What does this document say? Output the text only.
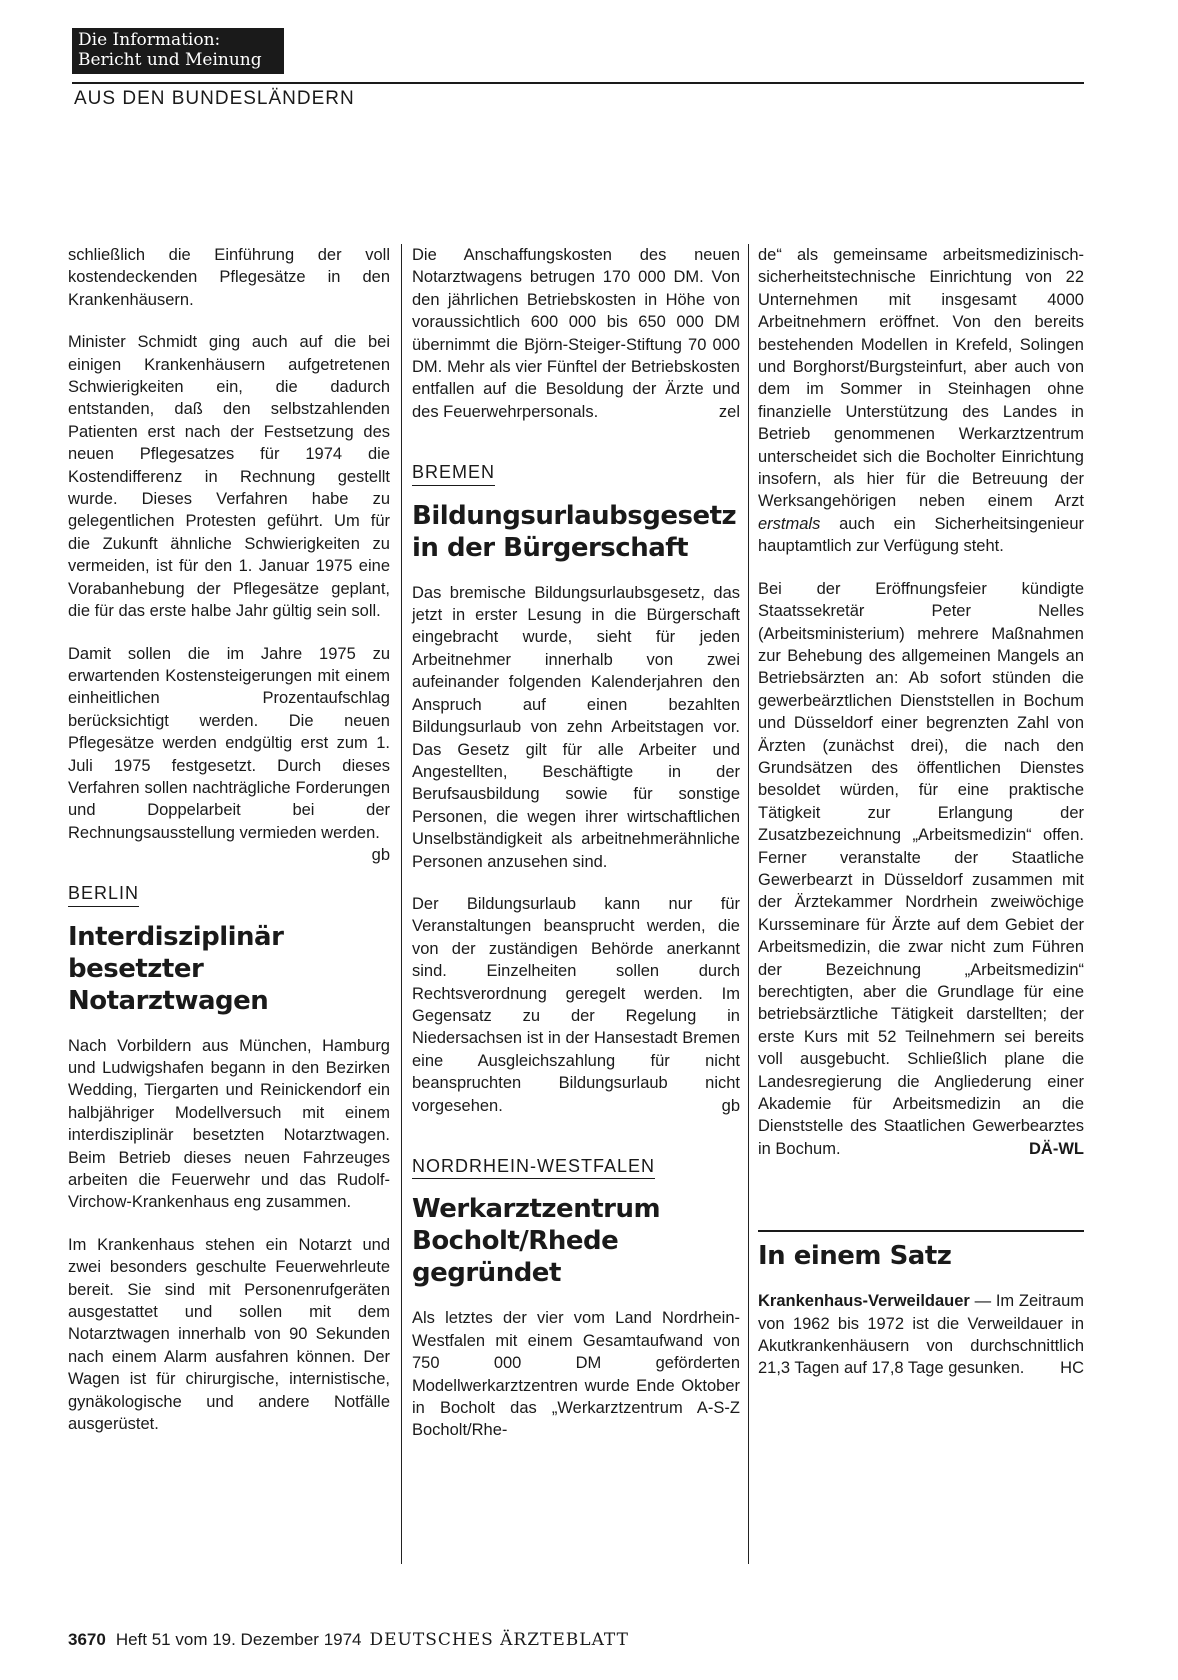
Die Information:
Bericht und Meinung
AUS DEN BUNDESLÄNDERN

schließlich die Einführung der voll kostendeckenden Pflegesätze in den Krankenhäusern.

Minister Schmidt ging auch auf die bei einigen Krankenhäusern aufgetretenen Schwierigkeiten ein, die dadurch entstanden, daß den selbstzahlenden Patienten erst nach der Festsetzung des neuen Pflegesatzes für 1974 die Kostendifferenz in Rechnung gestellt wurde. Dieses Verfahren habe zu gelegentlichen Protesten geführt. Um für die Zukunft ähnliche Schwierigkeiten zu vermeiden, ist für den 1. Januar 1975 eine Vorabanhebung der Pflegesätze geplant, die für das erste halbe Jahr gültig sein soll.

Damit sollen die im Jahre 1975 zu erwartenden Kostensteigerungen mit einem einheitlichen Prozentaufschlag berücksichtigt werden. Die neuen Pflegesätze werden endgültig erst zum 1. Juli 1975 festgesetzt. Durch dieses Verfahren sollen nachträgliche Forderungen und Doppelarbeit bei der Rechnungsausstellung vermieden werden.
gb

BERLIN
Interdisziplinär besetzter Notarztwagen

Nach Vorbildern aus München, Hamburg und Ludwigshafen begann in den Bezirken Wedding, Tiergarten und Reinickendorf ein halbjähriger Modellversuch mit einem interdisziplinär besetzten Notarztwagen. Beim Betrieb dieses neuen Fahrzeuges arbeiten die Feuerwehr und das Rudolf-Virchow-Krankenhaus eng zusammen.

Im Krankenhaus stehen ein Notarzt und zwei besonders geschulte Feuerwehrleute bereit. Sie sind mit Personenrufgeräten ausgestattet und sollen mit dem Notarztwagen innerhalb von 90 Sekunden nach einem Alarm ausfahren können. Der Wagen ist für chirurgische, internistische, gynäkologische und andere Notfälle ausgerüstet.

Die Anschaffungskosten des neuen Notarztwagens betrugen 170 000 DM. Von den jährlichen Betriebskosten in Höhe von voraussichtlich 600 000 bis 650 000 DM übernimmt die Björn-Steiger-Stiftung 70 000 DM. Mehr als vier Fünftel der Betriebskosten entfallen auf die Besoldung der Ärzte und des Feuerwehrpersonals.	zel

BREMEN
Bildungsurlaubsgesetz in der Bürgerschaft

Das bremische Bildungsurlaubsgesetz, das jetzt in erster Lesung in die Bürgerschaft eingebracht wurde, sieht für jeden Arbeitnehmer innerhalb von zwei aufeinander folgenden Kalenderjahren den Anspruch auf einen bezahlten Bildungsurlaub von zehn Arbeitstagen vor. Das Gesetz gilt für alle Arbeiter und Angestellten, Beschäftigte in der Berufsausbildung sowie für sonstige Personen, die wegen ihrer wirtschaftlichen Unselbständigkeit als arbeitnehmerähnliche Personen anzusehen sind.

Der Bildungsurlaub kann nur für Veranstaltungen beansprucht werden, die von der zuständigen Behörde anerkannt sind. Einzelheiten sollen durch Rechtsverordnung geregelt werden. Im Gegensatz zu der Regelung in Niedersachsen ist in der Hansestadt Bremen eine Ausgleichszahlung für nicht beanspruchten Bildungsurlaub nicht vorgesehen.	gb

NORDRHEIN-WESTFALEN
Werkarztzentrum Bocholt/Rhede gegründet

Als letztes der vier vom Land Nordrhein-Westfalen mit einem Gesamtaufwand von 750 000 DM geförderten Modellwerkarztzentren wurde Ende Oktober in Bocholt das „Werkarztzentrum A-S-Z Bocholt/Rhe-

de“ als gemeinsame arbeitsmedizinisch-sicherheitstechnische Einrichtung von 22 Unternehmen mit insgesamt 4000 Arbeitnehmern eröffnet. Von den bereits bestehenden Modellen in Krefeld, Solingen und Borghorst/Burgsteinfurt, aber auch von dem im Sommer in Steinhagen ohne finanzielle Unterstützung des Landes in Betrieb genommenen Werkarztzentrum unterscheidet sich die Bocholter Einrichtung insofern, als hier für die Betreuung der Werksangehörigen neben einem Arzt erstmals auch ein Sicherheitsingenieur hauptamtlich zur Verfügung steht.

Bei der Eröffnungsfeier kündigte Staatssekretär Peter Nelles (Arbeitsministerium) mehrere Maßnahmen zur Behebung des allgemeinen Mangels an Betriebsärzten an: Ab sofort stünden die gewerbeärztlichen Dienststellen in Bochum und Düsseldorf einer begrenzten Zahl von Ärzten (zunächst drei), die nach den Grundsätzen des öffentlichen Dienstes besoldet würden, für eine praktische Tätigkeit zur Erlangung der Zusatzbezeichnung „Arbeitsmedizin“ offen. Ferner veranstalte der Staatliche Gewerbearzt in Düsseldorf zusammen mit der Ärztekammer Nordrhein zweiwöchige Kursseminare für Ärzte auf dem Gebiet der Arbeitsmedizin, die zwar nicht zum Führen der Bezeichnung „Arbeitsmedizin“ berechtigten, aber die Grundlage für eine betriebsärztliche Tätigkeit darstellten; der erste Kurs mit 52 Teilnehmern sei bereits voll ausgebucht. Schließlich plane die Landesregierung die Angliederung einer Akademie für Arbeitsmedizin an die Dienststelle des Staatlichen Gewerbearztes in Bochum.	DÄ-WL

In einem Satz

Krankenhaus-Verweildauer — Im Zeitraum von 1962 bis 1972 ist die Verweildauer in Akutkrankenhäusern von durchschnittlich 21,3 Tagen auf 17,8 Tage gesunken. HC

3670 Heft 51 vom 19. Dezember 1974 DEUTSCHES ÄRZTEBLATT
